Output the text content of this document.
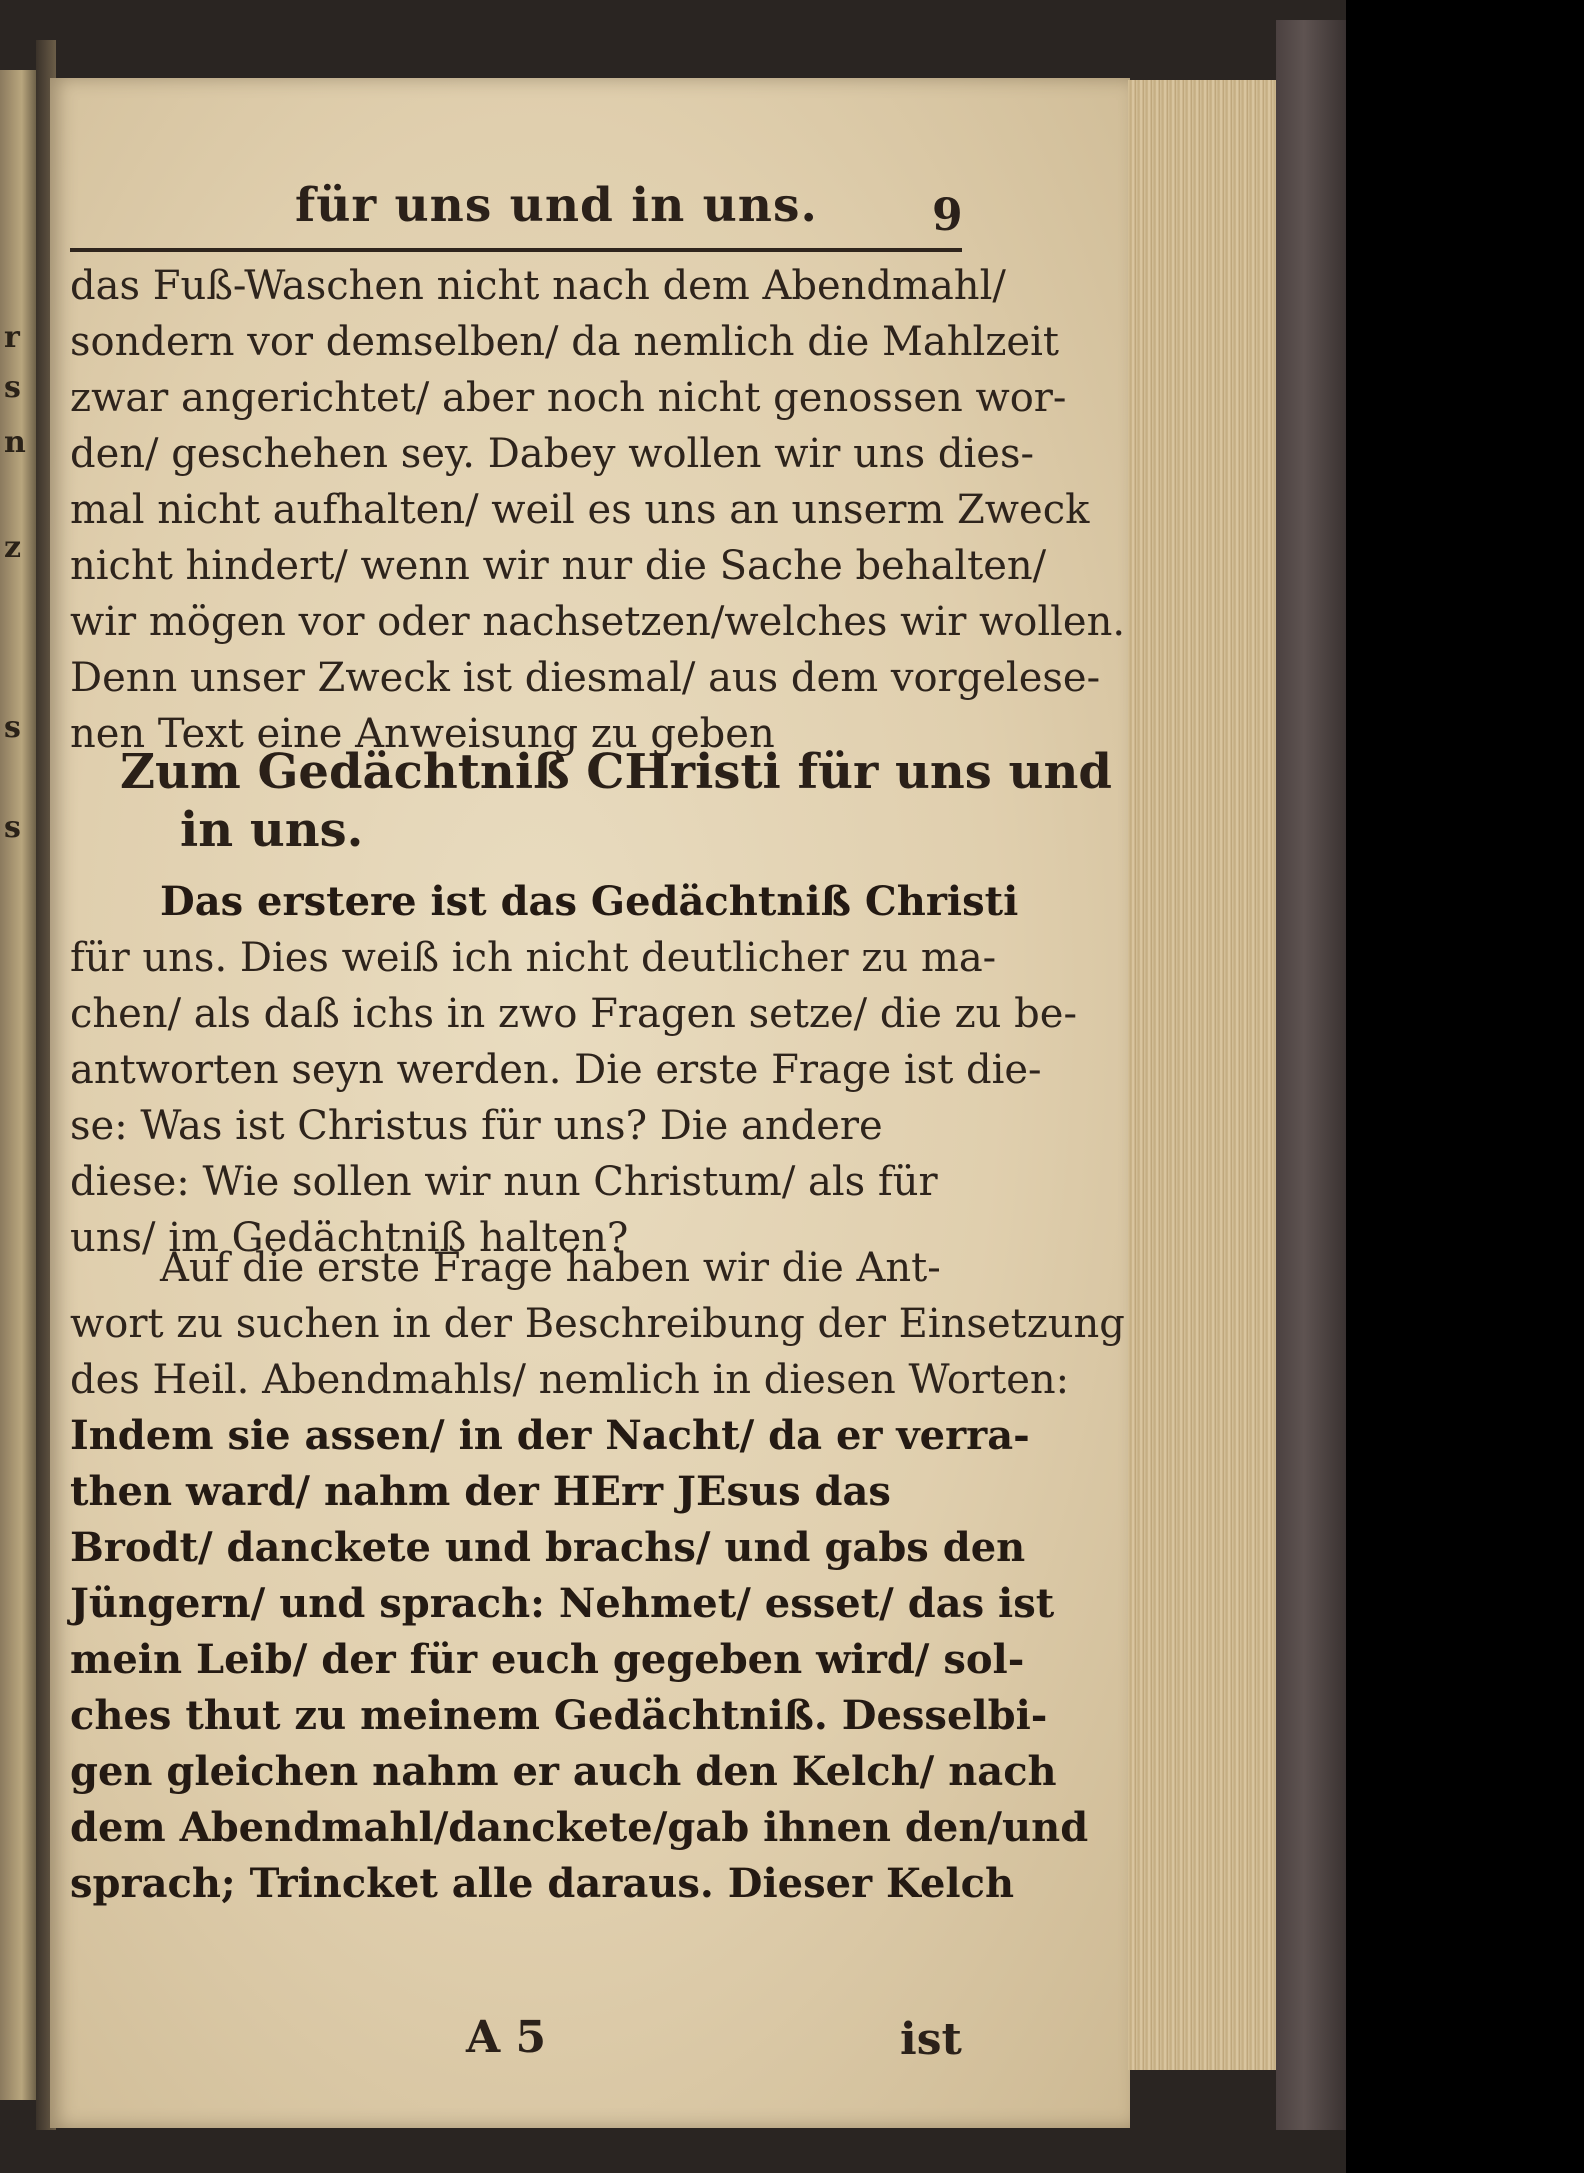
r
s
n
z
s
s
für uns und in uns.	9

das Fuß-Waschen nicht nach dem Abendmahl/

sondern vor demselben/ da nemlich die Mahlzeit

zwar angerichtet/ aber noch nicht genossen wor-

den/ geschehen sey. Dabey wollen wir uns dies-

mal nicht aufhalten/ weil es uns an unserm Zweck

nicht hindert/ wenn wir nur die Sache behalten/

wir mögen vor oder nachsetzen/welches wir wollen.

Denn unser Zweck ist diesmal/ aus dem vorgelese-

nen Text eine Anweisung zu geben

Zum Gedächtniß CHristi für uns und

in uns.

Das erstere ist das Gedächtniß Christi

für uns. Dies weiß ich nicht deutlicher zu ma-

chen/ als daß ichs in zwo Fragen setze/ die zu be-

antworten seyn werden. Die erste Frage ist die-

se: Was ist Christus für uns? Die andere

diese: Wie sollen wir nun Christum/ als für

uns/ im Gedächtniß halten?

Auf die erste Frage haben wir die Ant-

wort zu suchen in der Beschreibung der Einsetzung

des Heil. Abendmahls/ nemlich in diesen Worten:

Indem sie assen/ in der Nacht/ da er verra-

then ward/ nahm der HErr JEsus das

Brodt/ danckete und brachs/ und gabs den

Jüngern/ und sprach: Nehmet/ esset/ das ist

mein Leib/ der für euch gegeben wird/ sol-

ches thut zu meinem Gedächtniß. Desselbi-

gen gleichen nahm er auch den Kelch/ nach

dem Abendmahl/danckete/gab ihnen den/und

sprach; Trincket alle daraus. Dieser Kelch

A 5	ist
